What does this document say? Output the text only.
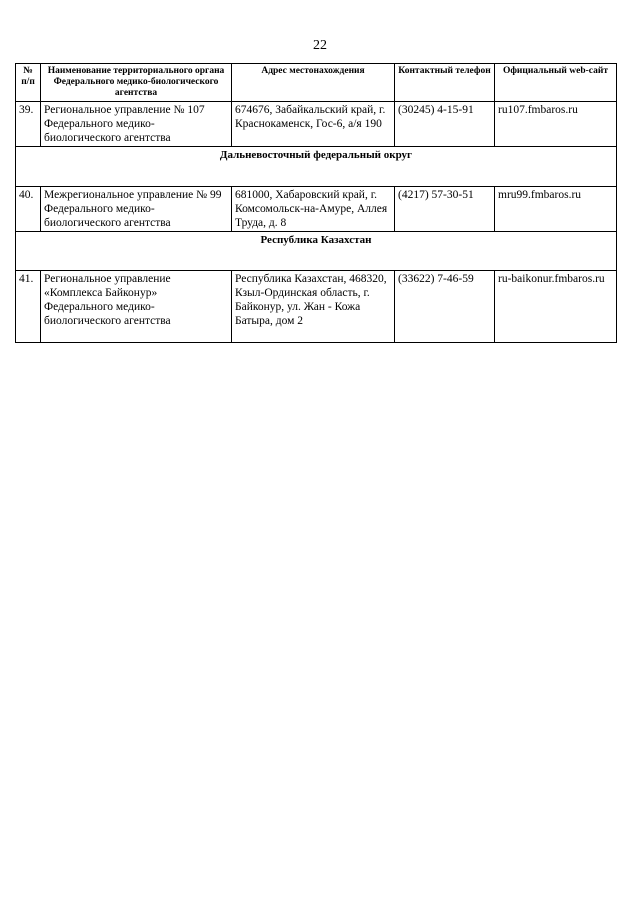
22
№ п/п	Наименование территориального органа Федерального медико-биологического агентства	Адрес местонахождения	Контактный телефон	Официальный web-сайт
39.	Региональное управление № 107 Федерального медико-биологического агентства	674676, Забайкальский край, г. Краснокаменск, Гос-6, а/я 190	(30245) 4-15-91	ru107.fmbaros.ru
Дальневосточный федеральный округ				
40.	Межрегиональное управление № 99 Федерального медико-биологического агентства	681000, Хабаровский край, г. Комсомольск-на-Амуре, Аллея Труда, д. 8	(4217) 57-30-51	mru99.fmbaros.ru
Республика Казахстан				
41.	Региональное управление «Комплекса Байконур» Федерального медико-биологического агентства	Республика Казахстан, 468320, Кзыл-Ординская область, г. Байконур, ул. Жан - Кожа Батыра, дом 2	(33622) 7-46-59	ru-baikonur.fmbaros.ru
